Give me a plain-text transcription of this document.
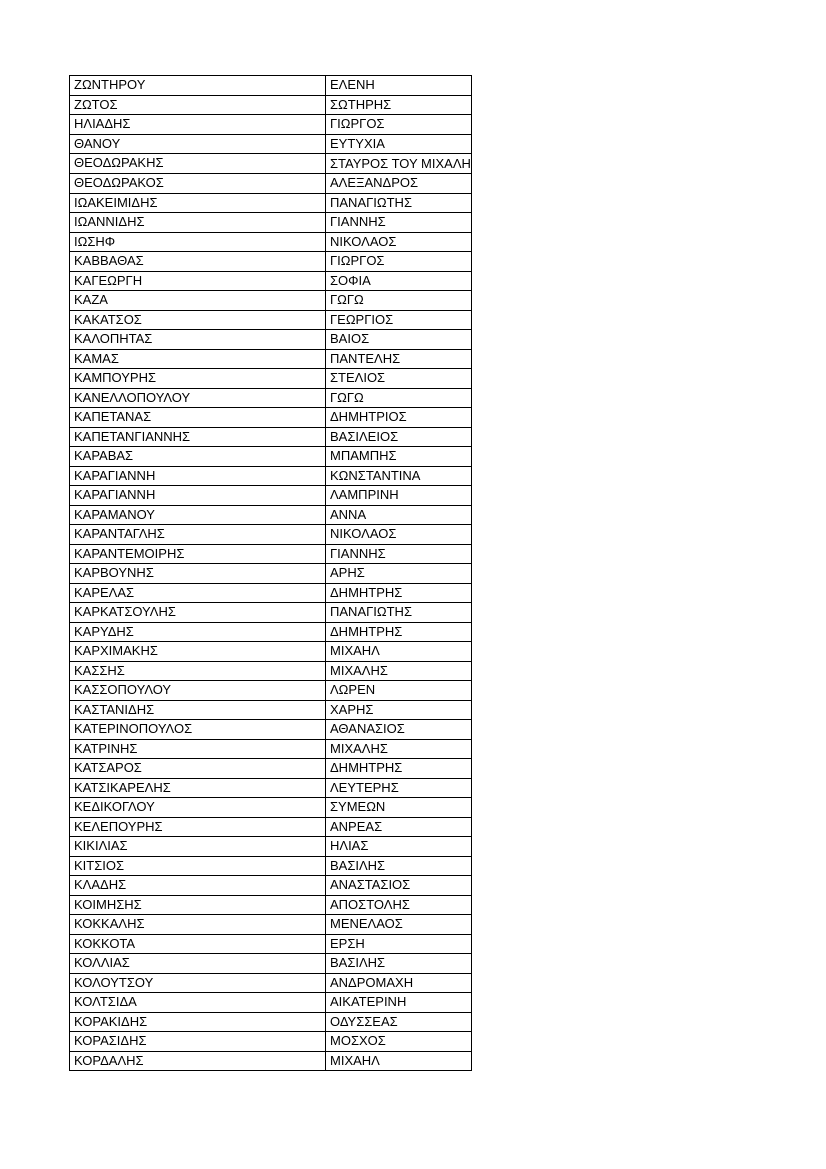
ΖΩΝΤΗΡΟΥ	ΕΛΕΝΗ
ΖΩΤΟΣ	ΣΩΤΗΡΗΣ
ΗΛΙΑΔΗΣ	ΓΙΩΡΓΟΣ
ΘΑΝΟΥ	ΕΥΤΥΧΙΑ
ΘΕΟΔΩΡΑΚΗΣ	ΣΤΑΥΡΟΣ ΤΟΥ ΜΙΧΑΛΗ
ΘΕΟΔΩΡΑΚΟΣ	ΑΛΕΞΑΝΔΡΟΣ
ΙΩΑΚΕΙΜΙΔΗΣ	ΠΑΝΑΓΙΩΤΗΣ
ΙΩΑΝΝΙΔΗΣ	ΓΙΑΝΝΗΣ
ΙΩΣΗΦ	ΝΙΚΟΛΑΟΣ
ΚΑΒΒΑΘΑΣ	ΓΙΩΡΓΟΣ
ΚΑΓΕΩΡΓΗ	ΣΟΦΙΑ
ΚΑΖΑ	ΓΩΓΩ
ΚΑΚΑΤΣΟΣ	ΓΕΩΡΓΙΟΣ
ΚΑΛΟΠΗΤΑΣ	ΒΑΙΟΣ
ΚΑΜΑΣ	ΠΑΝΤΕΛΗΣ
ΚΑΜΠΟΥΡΗΣ	ΣΤΕΛΙΟΣ
ΚΑΝΕΛΛΟΠΟΥΛΟΥ	ΓΩΓΩ
ΚΑΠΕΤΑΝΑΣ	ΔΗΜΗΤΡΙΟΣ
ΚΑΠΕΤΑΝΓΙΑΝΝΗΣ	ΒΑΣΙΛΕΙΟΣ
ΚΑΡΑΒΑΣ	ΜΠΑΜΠΗΣ
ΚΑΡΑΓΙΑΝΝΗ	ΚΩΝΣΤΑΝΤΙΝΑ
ΚΑΡΑΓΙΑΝΝΗ	ΛΑΜΠΡΙΝΗ
ΚΑΡΑΜΑΝΟΥ	ΑΝΝΑ
ΚΑΡΑΝΤΑΓΛΗΣ	ΝΙΚΟΛΑΟΣ
ΚΑΡΑΝΤΕΜΟΙΡΗΣ	ΓΙΑΝΝΗΣ
ΚΑΡΒΟΥΝΗΣ	ΑΡΗΣ
ΚΑΡΕΛΑΣ	ΔΗΜΗΤΡΗΣ
ΚΑΡΚΑΤΣΟΥΛΗΣ	ΠΑΝΑΓΙΩΤΗΣ
ΚΑΡΥΔΗΣ	ΔΗΜΗΤΡΗΣ
ΚΑΡΧΙΜΑΚΗΣ	ΜΙΧΑΗΛ
ΚΑΣΣΗΣ	ΜΙΧΑΛΗΣ
ΚΑΣΣΟΠΟΥΛΟΥ	ΛΩΡΕΝ
ΚΑΣΤΑΝΙΔΗΣ	ΧΑΡΗΣ
ΚΑΤΕΡΙΝΟΠΟΥΛΟΣ	ΑΘΑΝΑΣΙΟΣ
ΚΑΤΡΙΝΗΣ	ΜΙΧΑΛΗΣ
ΚΑΤΣΑΡΟΣ	ΔΗΜΗΤΡΗΣ
ΚΑΤΣΙΚΑΡΕΛΗΣ	ΛΕΥΤΕΡΗΣ
ΚΕΔΙΚΟΓΛΟΥ	ΣΥΜΕΩΝ
ΚΕΛΕΠΟΥΡΗΣ	ΑΝΡΕΑΣ
ΚΙΚΙΛΙΑΣ	ΗΛΙΑΣ
ΚΙΤΣΙΟΣ	ΒΑΣΙΛΗΣ
ΚΛΑΔΗΣ	ΑΝΑΣΤΑΣΙΟΣ
ΚΟΙΜΗΣΗΣ	ΑΠΟΣΤΟΛΗΣ
ΚΟΚΚΑΛΗΣ	ΜΕΝΕΛΑΟΣ
ΚΟΚΚΟΤΑ	ΕΡΣΗ
ΚΟΛΛΙΑΣ	ΒΑΣΙΛΗΣ
ΚΟΛΟΥΤΣΟΥ	ΑΝΔΡΟΜΑΧΗ
ΚΟΛΤΣΙΔΑ	ΑΙΚΑΤΕΡΙΝΗ
ΚΟΡΑΚΙΔΗΣ	ΟΔΥΣΣΕΑΣ
ΚΟΡΑΣΙΔΗΣ	ΜΟΣΧΟΣ
ΚΟΡΔΑΛΗΣ	ΜΙΧΑΗΛ
